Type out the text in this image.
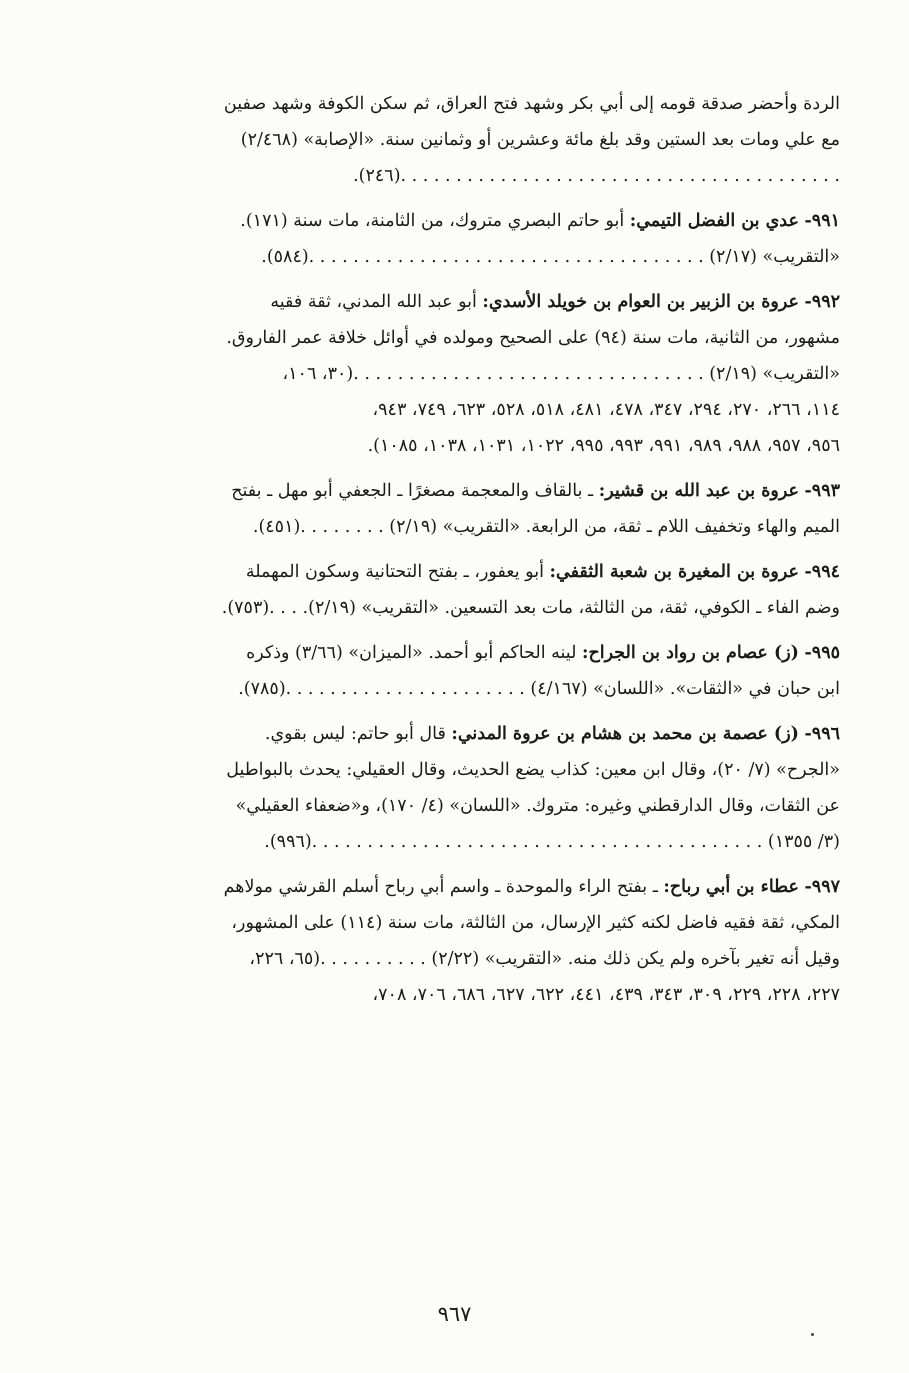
الردة وأحضر صدقة قومه إلى أبي بكر وشهد فتح العراق، ثم سكن الكوفة وشهد صفين
مع علي ومات بعد الستين وقد بلغ مائة وعشرين أو وثمانين سنة. «الإصابة» (٢/٤٦٨)
. . . . . . . . . . . . . . . . . . . . . . . . . . . . . . . . . . . . . . . .(٢٤٦).
٩٩١- عدي بن الفضل التيمي: أبو حاتم البصري متروك، من الثامنة، مات سنة (١٧١).
«التقريب» (٢/١٧) . . . . . . . . . . . . . . . . . . . . . . . . . . . . . . . . . . . .(٥٨٤).
٩٩٢- عروة بن الزبير بن العوام بن خويلد الأسدي: أبو عبد الله المدني، ثقة فقيه
مشهور، من الثانية، مات سنة (٩٤) على الصحيح ومولده في أوائل خلافة عمر الفاروق.
«التقريب» (٢/١٩) . . . . . . . . . . . . . . . . . . . . . . . . . . . . . . . .(٣٠، ١٠٦،
١١٤، ٢٦٦، ٢٧٠، ٢٩٤، ٣٤٧، ٤٧٨، ٤٨١، ٥١٨، ٥٢٨، ٦٢٣، ٧٤٩، ٩٤٣،
٩٥٦، ٩٥٧، ٩٨٨، ٩٨٩، ٩٩١، ٩٩٣، ٩٩٥، ١٠٢٢، ١٠٣١، ١٠٣٨، ١٠٨٥).
٩٩٣- عروة بن عبد الله بن قشير: ـ بالقاف والمعجمة مصغرًا ـ الجعفي أبو مهل ـ بفتح
الميم والهاء وتخفيف اللام ـ ثقة، من الرابعة. «التقريب» (٢/١٩) . . . . . . . .(٤٥١).
٩٩٤- عروة بن المغيرة بن شعبة الثقفي: أبو يعفور، ـ بفتح التحتانية وسكون المهملة
وضم الفاء ـ الكوفي، ثقة، من الثالثة، مات بعد التسعين. «التقريب» (٢/١٩). . . .(٧٥٣).
٩٩٥- (ز) عصام بن رواد بن الجراح: لينه الحاكم أبو أحمد. «الميزان» (٣/٦٦) وذكره
ابن حبان في «الثقات». «اللسان» (٤/١٦٧) . . . . . . . . . . . . . . . . . . . . . .(٧٨٥).
٩٩٦- (ز) عصمة بن محمد بن هشام بن عروة المدني: قال أبو حاتم: ليس بقوي.
«الجرح» (٧/ ٢٠)، وقال ابن معين: كذاب يضع الحديث، وقال العقيلي: يحدث بالبواطيل
عن الثقات، وقال الدارقطني وغيره: متروك. «اللسان» (٤/ ١٧٠)، و«ضعفاء العقيلي»
(٣/ ١٣٥٥) . . . . . . . . . . . . . . . . . . . . . . . . . . . . . . . . . . . . . . . . .(٩٩٦).
٩٩٧- عطاء بن أبي رباح: ـ بفتح الراء والموحدة ـ واسم أبي رباح أسلم القرشي مولاهم
المكي، ثقة فقيه فاضل لكنه كثير الإرسال، من الثالثة، مات سنة (١١٤) على المشهور،
وقيل أنه تغير بآخره ولم يكن ذلك منه. «التقريب» (٢/٢٢) . . . . . . . . . .(٦٥، ٢٢٦،
٢٢٧، ٢٢٨، ٢٢٩، ٣٠٩، ٣٤٣، ٤٣٩، ٤٤١، ٦٢٢، ٦٢٧، ٦٨٦، ٧٠٦، ٧٠٨،
٩٦٧
